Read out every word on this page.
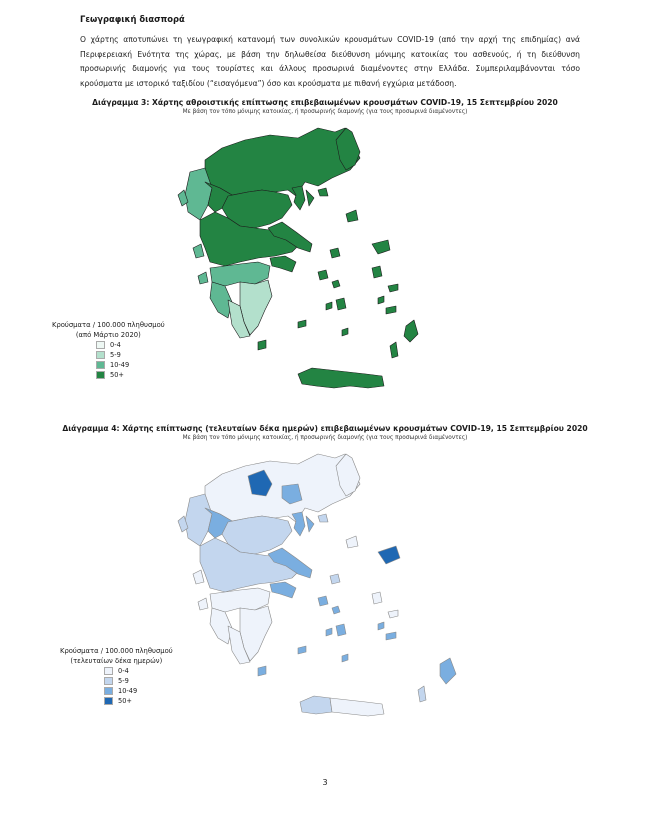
Γεωγραφική διασπορά
Ο χάρτης αποτυπώνει τη γεωγραφική κατανομή των συνολικών κρουσμάτων COVID-19 (από την αρχή της επιδημίας) ανά Περιφερειακή Ενότητα της χώρας, με βάση την δηλωθείσα διεύθυνση μόνιμης κατοικίας του ασθενούς, ή τη διεύθυνση προσωρινής διαμονής για τους τουρίστες και άλλους προσωρινά διαμένοντες στην Ελλάδα. Συμπεριλαμβάνονται τόσο κρούσματα με ιστορικό ταξιδίου (“εισαγόμενα”) όσο και κρούσματα με πιθανή εγχώρια μετάδοση.
Διάγραμμα 3: Χάρτης αθροιστικής επίπτωσης επιβεβαιωμένων κρουσμάτων COVID-19, 15 Σεπτεμβρίου 2020
Με βάση τον τόπο μόνιμης κατοικίας, ή προσωρινής διαμονής (για τους προσωρινά διαμένοντες)
Κρούσματα / 100.000 πληθυσμού
(από Μάρτιο 2020)
0-4
5-9
10-49
50+
Διάγραμμα 4: Χάρτης επίπτωσης (τελευταίων δέκα ημερών) επιβεβαιωμένων κρουσμάτων COVID-19, 15 Σεπτεμβρίου 2020
Με βάση τον τόπο μόνιμης κατοικίας, ή προσωρινής διαμονής (για τους προσωρινά διαμένοντες)
Κρούσματα / 100.000 πληθυσμού
(τελευταίων δέκα ημερών)
0-4
5-9
10-49
50+
3
